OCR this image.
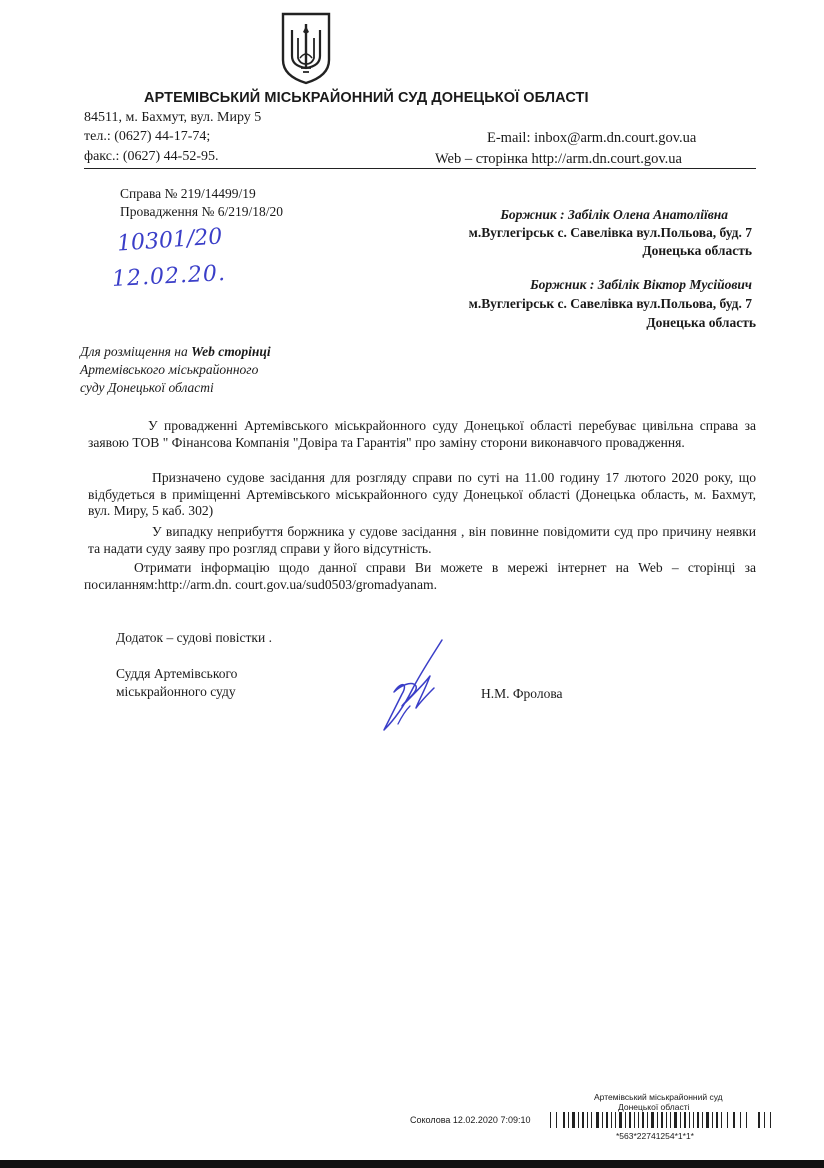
АРТЕМІВСЬКИЙ МІСЬКРАЙОННИЙ СУД ДОНЕЦЬКОЇ ОБЛАСТІ
84511, м. Бахмут, вул. Миру 5
тел.: (0627) 44-17-74;
факс.: (0627) 44-52-95.
E-mail: inbox@arm.dn.court.gov.ua
Web – сторінка http://arm.dn.court.gov.ua
Справа № 219/14499/19
Провадження № 6/219/18/20
10301/20
12.02.20.
Боржник : Забілік Олена Анатоліївна
м.Вуглегірськ с. Савелівка вул.Польова, буд. 7
Донецька область
Боржник : Забілік Віктор Мусійович
м.Вуглегірськ с. Савелівка вул.Польова, буд. 7
Донецька область
Для розміщення на Web сторінці
Артемівського міськрайонного
суду Донецької області
У провадженні Артемівського міськрайонного суду Донецької області перебуває цивільна справа за заявою ТОВ " Фінансова Компанія "Довіра та Гарантія" про заміну сторони виконавчого провадження.
Призначено судове засідання для розгляду справи по суті на 11.00 годину 17 лютого 2020 року, що відбудеться в приміщенні Артемівського міськрайонного суду Донецької області (Донецька область, м. Бахмут, вул. Миру, 5 каб. 302)
У випадку неприбуття боржника у судове засідання , він повинне повідомити суд про причину неявки та надати суду заяву про розгляд справи у його відсутність.
Отримати інформацію щодо данної справи Ви можете в мережі інтернет на Web – сторінці за посиланням:http://arm.dn. court.gov.ua/sud0503/gromadyanam.
Додаток – судові повістки .
Суддя Артемівського
міськрайонного суду	Н.М. Фролова
Артемівський міськрайонний суд
Донецької області
Соколова 12.02.2020 7:09:10
*563*22741254*1*1*
